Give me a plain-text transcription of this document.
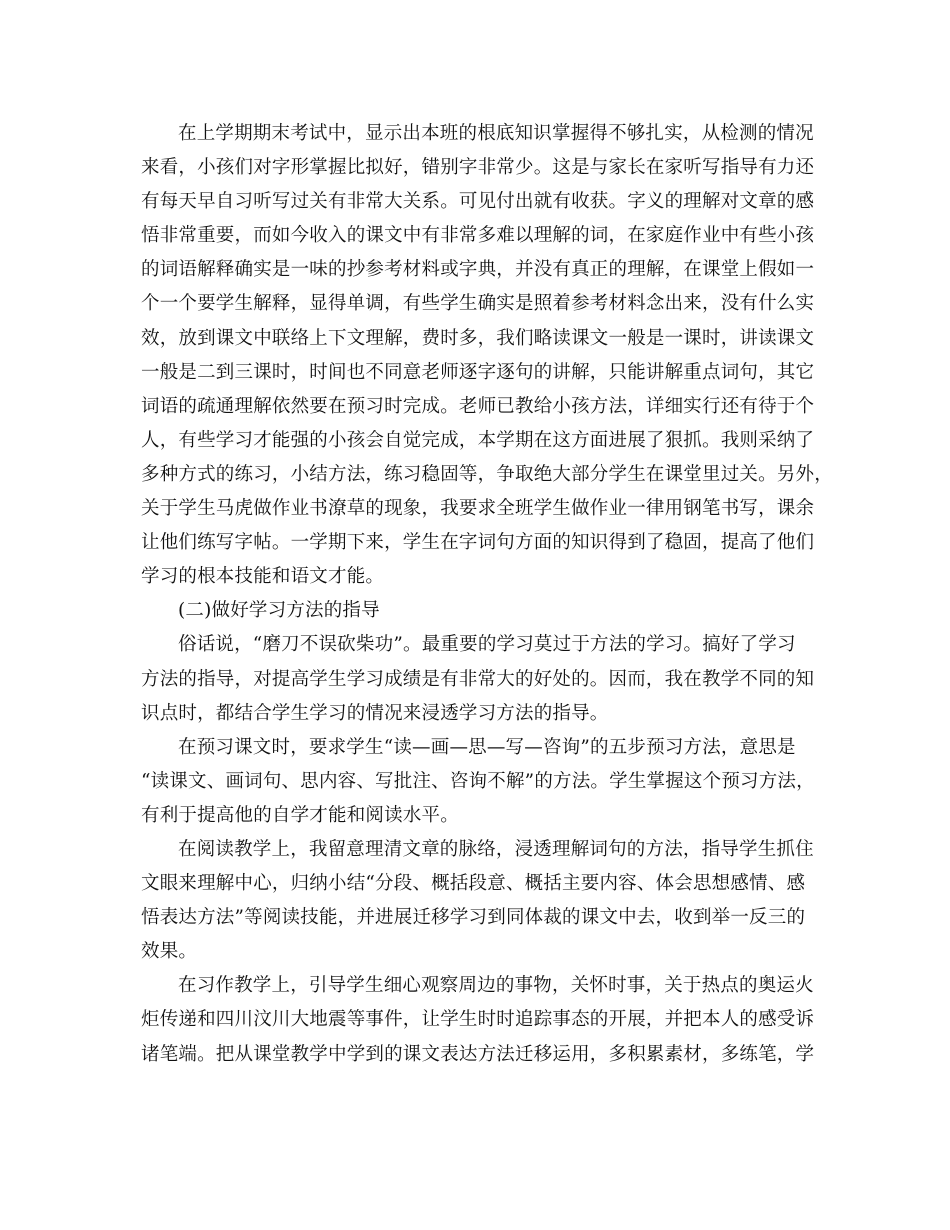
在上学期期末考试中，显示出本班的根底知识掌握得不够扎实，从检测的情况
来看，小孩们对字形掌握比拟好，错别字非常少。这是与家长在家听写指导有力还
有每天早自习听写过关有非常大关系。可见付出就有收获。字义的理解对文章的感
悟非常重要，而如今收入的课文中有非常多难以理解的词，在家庭作业中有些小孩
的词语解释确实是一味的抄参考材料或字典，并没有真正的理解，在课堂上假如一
个一个要学生解释，显得单调，有些学生确实是照着参考材料念出来，没有什么实
效，放到课文中联络上下文理解，费时多，我们略读课文一般是一课时，讲读课文
一般是二到三课时，时间也不同意老师逐字逐句的讲解，只能讲解重点词句，其它
词语的疏通理解依然要在预习时完成。老师已教给小孩方法，详细实行还有待于个
人，有些学习才能强的小孩会自觉完成，本学期在这方面进展了狠抓。我则采纳了
多种方式的练习，小结方法，练习稳固等，争取绝大部分学生在课堂里过关。另外，
关于学生马虎做作业书潦草的现象，我要求全班学生做作业一律用钢笔书写，课余
让他们练写字帖。一学期下来，学生在字词句方面的知识得到了稳固，提高了他们
学习的根本技能和语文才能。
(二)做好学习方法的指导
俗话说，“磨刀不误砍柴功”。最重要的学习莫过于方法的学习。搞好了学习
方法的指导，对提高学生学习成绩是有非常大的好处的。因而，我在教学不同的知
识点时，都结合学生学习的情况来浸透学习方法的指导。
在预习课文时，要求学生“读—画—思—写—咨询”的五步预习方法，意思是
“读课文、画词句、思内容、写批注、咨询不解”的方法。学生掌握这个预习方法，
有利于提高他的自学才能和阅读水平。
在阅读教学上，我留意理清文章的脉络，浸透理解词句的方法，指导学生抓住
文眼来理解中心，归纳小结“分段、概括段意、概括主要内容、体会思想感情、感
悟表达方法”等阅读技能，并进展迁移学习到同体裁的课文中去，收到举一反三的
效果。
在习作教学上，引导学生细心观察周边的事物，关怀时事，关于热点的奥运火
炬传递和四川汶川大地震等事件，让学生时时追踪事态的开展，并把本人的感受诉
诸笔端。把从课堂教学中学到的课文表达方法迁移运用，多积累素材，多练笔，学
